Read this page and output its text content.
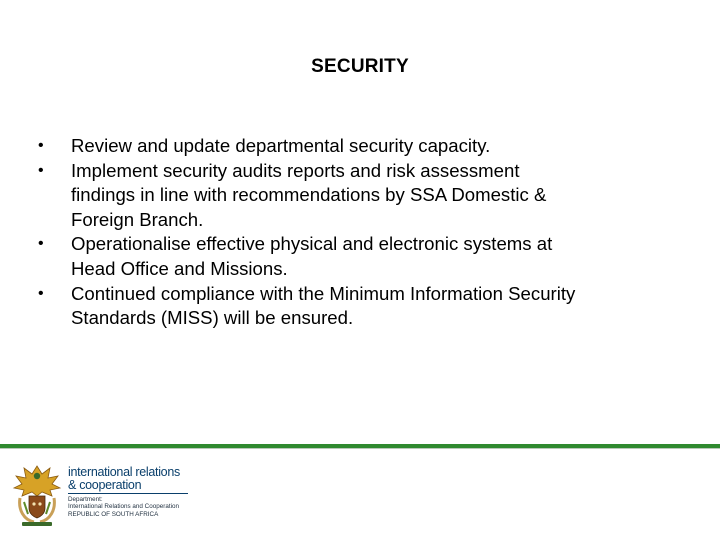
SECURITY
• Review and update departmental security capacity.
• Implement security audits reports and risk assessment
findings in line with recommendations by SSA Domestic &
Foreign Branch.
• Operationalise effective physical and electronic systems at
Head Office and Missions.
• Continued compliance with the Minimum Information Security
Standards (MISS) will be ensured.
international relations
& cooperation
Department:
International Relations and Cooperation
REPUBLIC OF SOUTH AFRICA
